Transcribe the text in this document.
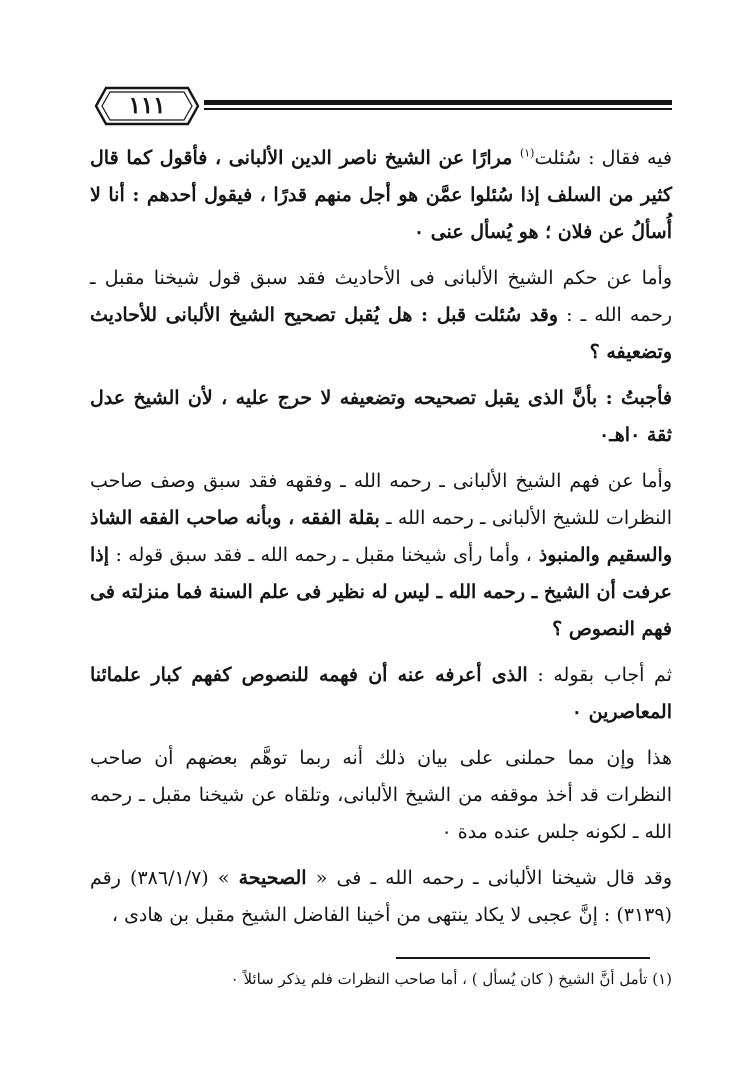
١١١

فيه فقال : سُئلت$^{(١)}$ مرارًا عن الشيخ ناصر الدين الألبانى ، فأقول كما قال كثير من السلف إذا سُئلوا عمَّن هو أجل منهم قدرًا ، فيقول أحدهم : أنا لا أُسألُ عن فلان ؛ هو يُسأل عنى ٠

وأما عن حكم الشيخ الألبانى فى الأحاديث فقد سبق قول شيخنا مقبل ـ رحمه الله ـ : وقد سُئلت قبل : هل يُقبل تصحيح الشيخ الألبانى للأحاديث وتضعيفه ؟

فأجبتُ : بأنَّ الذى يقبل تصحيحه وتضعيفه لا حرج عليه ، لأن الشيخ عدل ثقة ٠اهـ٠

وأما عن فهم الشيخ الألبانى ـ رحمه الله ـ وفقهه فقد سبق وصف صاحب النظرات للشيخ الألبانى ـ رحمه الله ـ بقلة الفقه ، وبأنه صاحب الفقه الشاذ والسقيم والمنبوذ ، وأما رأى شيخنا مقبل ـ رحمه الله ـ فقد سبق قوله : إذا عرفت أن الشيخ ـ رحمه الله ـ ليس له نظير فى علم السنة فما منزلته فى فهم النصوص ؟

ثم أجاب بقوله : الذى أعرفه عنه أن فهمه للنصوص كفهم كبار علمائنا المعاصرين ٠

هذا وإن مما حملنى على بيان ذلك أنه ربما توهَّم بعضهم أن صاحب النظرات قد أخذ موقفه من الشيخ الألبانى، وتلقاه عن شيخنا مقبل ـ رحمه الله ـ لكونه جلس عنده مدة ٠

وقد قال شيخنا الألبانى ـ رحمه الله ـ فى « الصحيحة » (٣٨٦/١/٧) رقم (٣١٣٩) : إنَّ عجبى لا يكاد ينتهى من أخينا الفاضل الشيخ مقبل بن هادى ،

(١) تأمل أنَّ الشيخ ( كان يُسأل ) ، أما صاحب النظرات فلم يذكر سائلاً ٠
